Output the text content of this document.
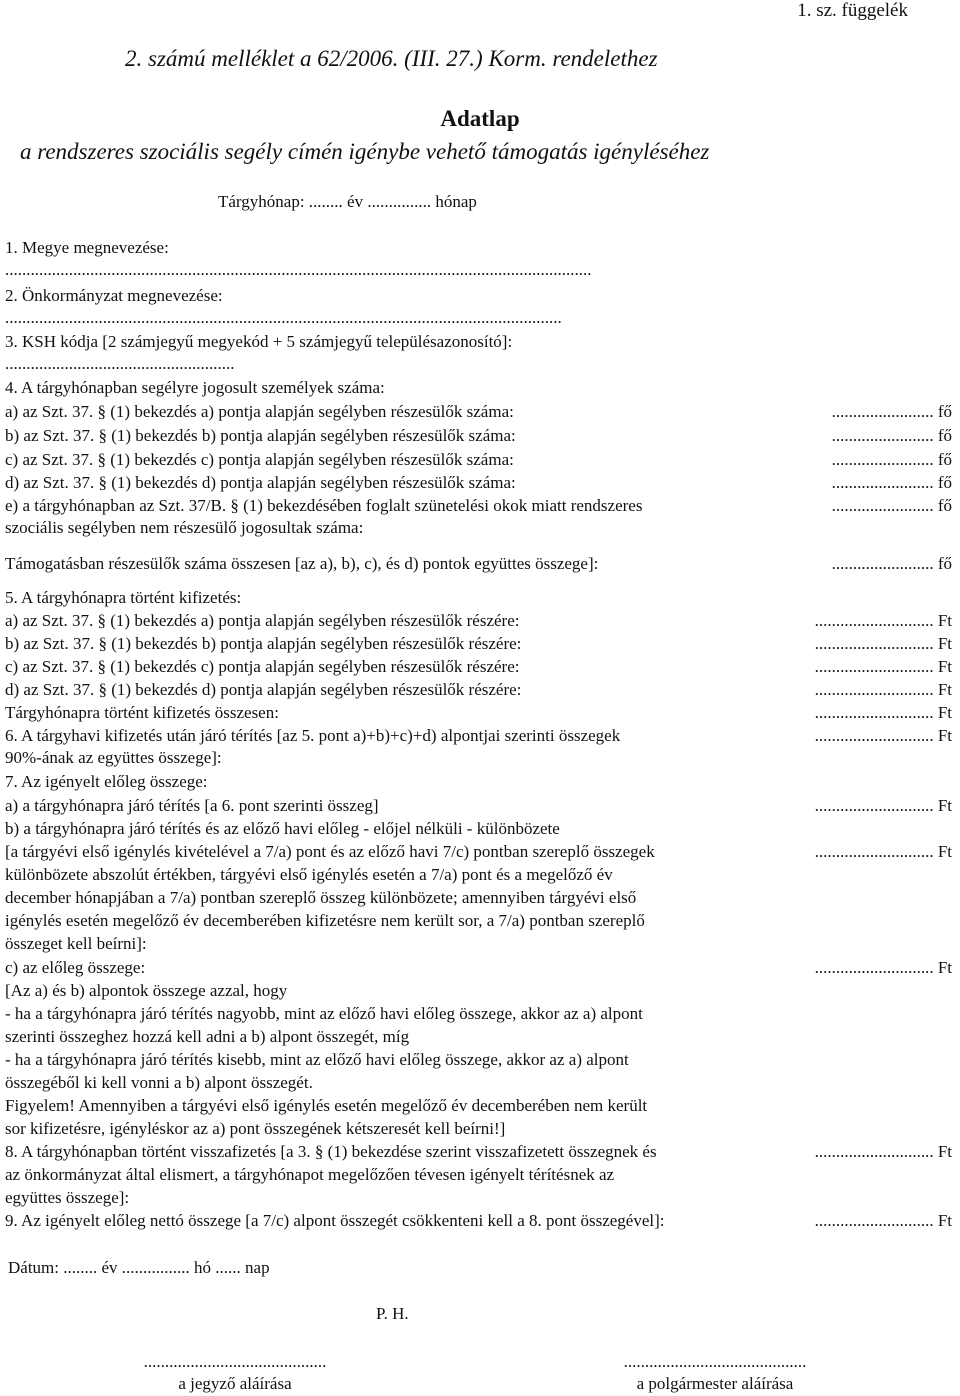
1. sz. függelék
2. számú melléklet a 62/2006. (III. 27.) Korm. rendelethez
Adatlap
a rendszeres szociális segély címén igénybe vehető támogatás igényléséhez
Tárgyhónap: ........ év ............... hónap
1. Megye megnevezése:
..........................................................................................................................................
2. Önkormányzat megnevezése:
...................................................................................................................................
3. KSH kódja [2 számjegyű megyekód + 5 számjegyű településazonosító]:
......................................................
4. A tárgyhónapban segélyre jogosult személyek száma:
a) az Szt. 37. § (1) bekezdés a) pontja alapján segélyben részesülők száma:	........................ fő
b) az Szt. 37. § (1) bekezdés b) pontja alapján segélyben részesülők száma:	........................ fő
c) az Szt. 37. § (1) bekezdés c) pontja alapján segélyben részesülők száma:	........................ fő
d) az Szt. 37. § (1) bekezdés d) pontja alapján segélyben részesülők száma:	........................ fő
e) a tárgyhónapban az Szt. 37/B. § (1) bekezdésében foglalt szünetelési okok miatt rendszeres	........................ fő
szociális segélyben nem részesülő jogosultak száma:
Támogatásban részesülők száma összesen [az a), b), c), és d) pontok együttes összege]:	........................ fő
5. A tárgyhónapra történt kifizetés:
a) az Szt. 37. § (1) bekezdés a) pontja alapján segélyben részesülők részére:	............................ Ft
b) az Szt. 37. § (1) bekezdés b) pontja alapján segélyben részesülők részére:	............................ Ft
c) az Szt. 37. § (1) bekezdés c) pontja alapján segélyben részesülők részére:	............................ Ft
d) az Szt. 37. § (1) bekezdés d) pontja alapján segélyben részesülők részére:	............................ Ft
Tárgyhónapra történt kifizetés összesen:	............................ Ft
6. A tárgyhavi kifizetés után járó térítés [az 5. pont a)+b)+c)+d) alpontjai szerinti összegek	............................ Ft
90%-ának az együttes összege]:
7. Az igényelt előleg összege:
a) a tárgyhónapra járó térítés [a 6. pont szerinti összeg]	............................ Ft
b) a tárgyhónapra járó térítés és az előző havi előleg - előjel nélküli - különbözete
[a tárgyévi első igénylés kivételével a 7/a) pont és az előző havi 7/c) pontban szereplő összegek	............................ Ft
különbözete abszolút értékben, tárgyévi első igénylés esetén a 7/a) pont és a megelőző év
december hónapjában a 7/a) pontban szereplő összeg különbözete; amennyiben tárgyévi első
igénylés esetén megelőző év decemberében kifizetésre nem került sor, a 7/a) pontban szereplő
összeget kell beírni]:
c) az előleg összege:	............................ Ft
[Az a) és b) alpontok összege azzal, hogy
- ha a tárgyhónapra járó térítés nagyobb, mint az előző havi előleg összege, akkor az a) alpont
szerinti összeghez hozzá kell adni a b) alpont összegét, míg
- ha a tárgyhónapra járó térítés kisebb, mint az előző havi előleg összege, akkor az a) alpont
összegéből ki kell vonni a b) alpont összegét.
Figyelem! Amennyiben a tárgyévi első igénylés esetén megelőző év decemberében nem került
sor kifizetésre, igényléskor az a) pont összegének kétszeresét kell beírni!]
8. A tárgyhónapban történt visszafizetés [a 3. § (1) bekezdése szerint visszafizetett összegnek és	............................ Ft
az önkormányzat által elismert, a tárgyhónapot megelőzően tévesen igényelt térítésnek az
együttes összege]:
9. Az igényelt előleg nettó összege [a 7/c) alpont összegét csökkenteni kell a 8. pont összegével]:	............................ Ft
Dátum: ........ év ................ hó ...... nap
P. H.
...........................................
a jegyző aláírása
...........................................
a polgármester aláírása
